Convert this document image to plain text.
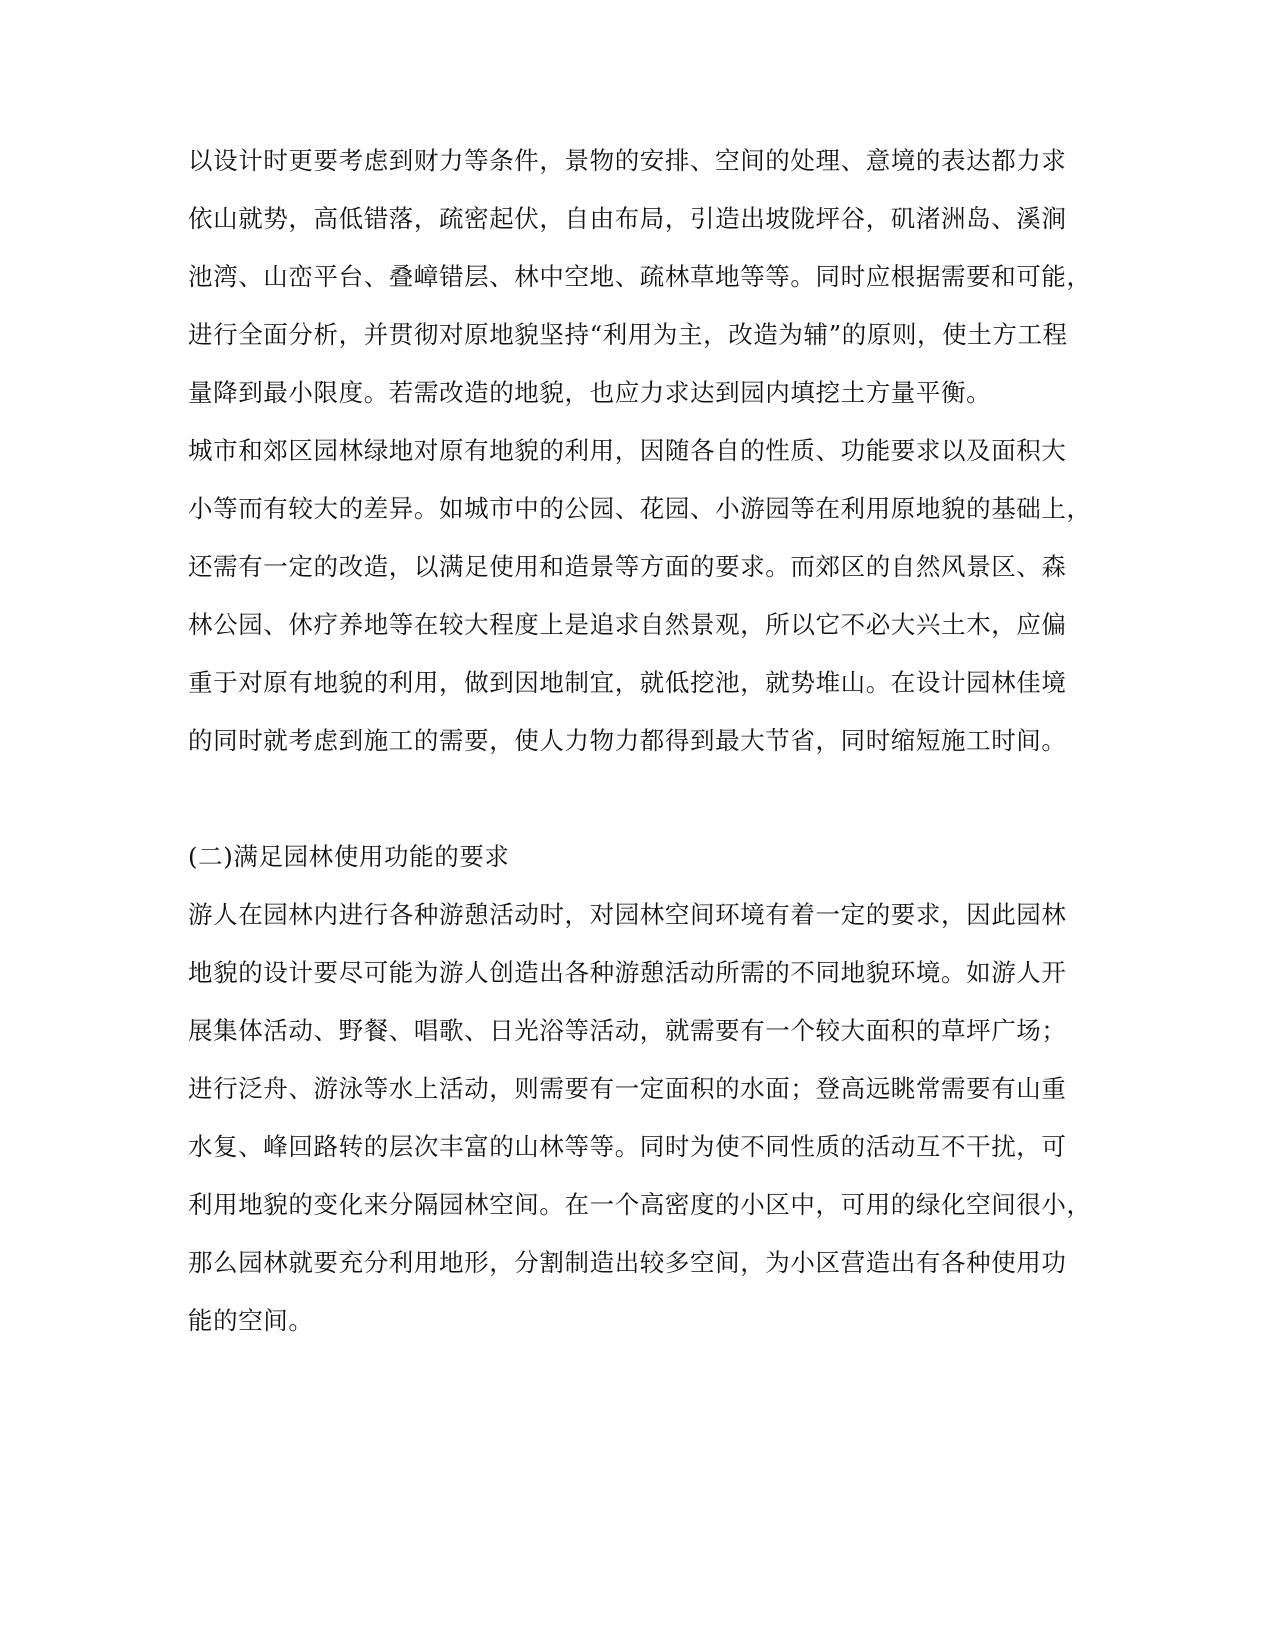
以设计时更要考虑到财力等条件，景物的安排、空间的处理、意境的表达都力求
依山就势，高低错落，疏密起伏，自由布局，引造出坡陇坪谷，矶渚洲岛、溪涧
池湾、山峦平台、叠嶂错层、林中空地、疏林草地等等。同时应根据需要和可能，
进行全面分析，并贯彻对原地貌坚持“利用为主，改造为辅”的原则，使土方工程
量降到最小限度。若需改造的地貌，也应力求达到园内填挖土方量平衡。
城市和郊区园林绿地对原有地貌的利用，因随各自的性质、功能要求以及面积大
小等而有较大的差异。如城市中的公园、花园、小游园等在利用原地貌的基础上，
还需有一定的改造，以满足使用和造景等方面的要求。而郊区的自然风景区、森
林公园、休疗养地等在较大程度上是追求自然景观，所以它不必大兴土木，应偏
重于对原有地貌的利用，做到因地制宜，就低挖池，就势堆山。在设计园林佳境
的同时就考虑到施工的需要，使人力物力都得到最大节省，同时缩短施工时间。
(二)满足园林使用功能的要求
游人在园林内进行各种游憩活动时，对园林空间环境有着一定的要求，因此园林
地貌的设计要尽可能为游人创造出各种游憩活动所需的不同地貌环境。如游人开
展集体活动、野餐、唱歌、日光浴等活动，就需要有一个较大面积的草坪广场；
进行泛舟、游泳等水上活动，则需要有一定面积的水面；登高远眺常需要有山重
水复、峰回路转的层次丰富的山林等等。同时为使不同性质的活动互不干扰，可
利用地貌的变化来分隔园林空间。在一个高密度的小区中，可用的绿化空间很小，
那么园林就要充分利用地形，分割制造出较多空间，为小区营造出有各种使用功
能的空间。
